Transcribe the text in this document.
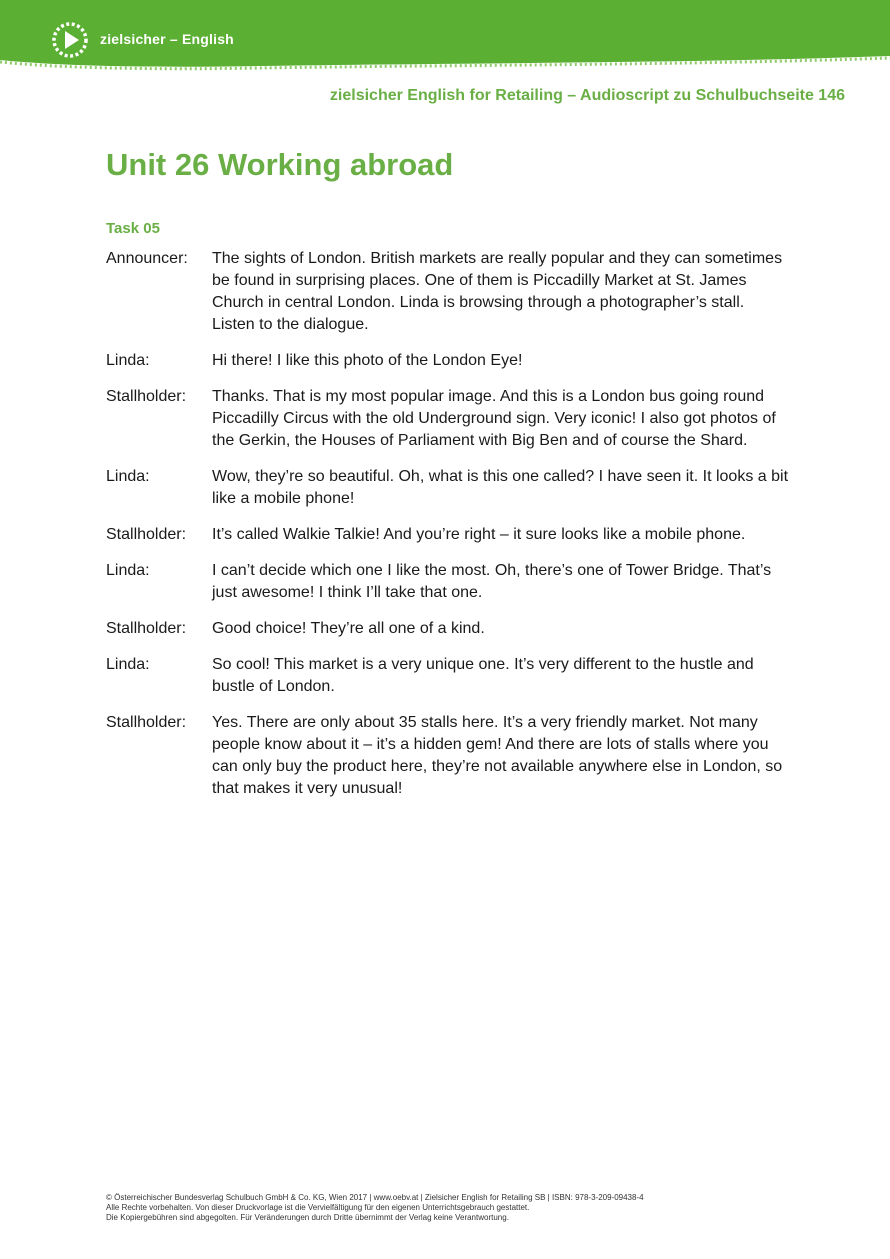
zielsicher – English
zielsicher English for Retailing – Audioscript zu Schulbuchseite 146
Unit 26 Working abroad
Task 05
Announcer:	The sights of London. British markets are really popular and they can sometimes be found in surprising places. One of them is Piccadilly Market at St. James Church in central London. Linda is browsing through a photographer’s stall. Listen to the dialogue.
Linda:	Hi there! I like this photo of the London Eye!
Stallholder:	Thanks. That is my most popular image. And this is a London bus going round Piccadilly Circus with the old Underground sign. Very iconic! I also got photos of the Gerkin, the Houses of Parliament with Big Ben and of course the Shard.
Linda:	Wow, they’re so beautiful. Oh, what is this one called? I have seen it. It looks a bit like a mobile phone!
Stallholder:	It’s called Walkie Talkie! And you’re right – it sure looks like a mobile phone.
Linda:	I can’t decide which one I like the most. Oh, there’s one of Tower Bridge. That’s just awesome! I think I’ll take that one.
Stallholder:	Good choice! They’re all one of a kind.
Linda:	So cool! This market is a very unique one. It’s very different to the hustle and bustle of London.
Stallholder:	Yes. There are only about 35 stalls here. It’s a very friendly market. Not many people know about it – it’s a hidden gem! And there are lots of stalls where you can only buy the product here, they’re not available anywhere else in London, so that makes it very unusual!
© Österreichischer Bundesverlag Schulbuch GmbH & Co. KG, Wien 2017 | www.oebv.at | Zielsicher English for Retailing SB | ISBN: 978-3-209-09438-4
Alle Rechte vorbehalten. Von dieser Druckvorlage ist die Vervielfältigung für den eigenen Unterrichtsgebrauch gestattet.
Die Kopiergebühren sind abgegolten. Für Veränderungen durch Dritte übernimmt der Verlag keine Verantwortung.
